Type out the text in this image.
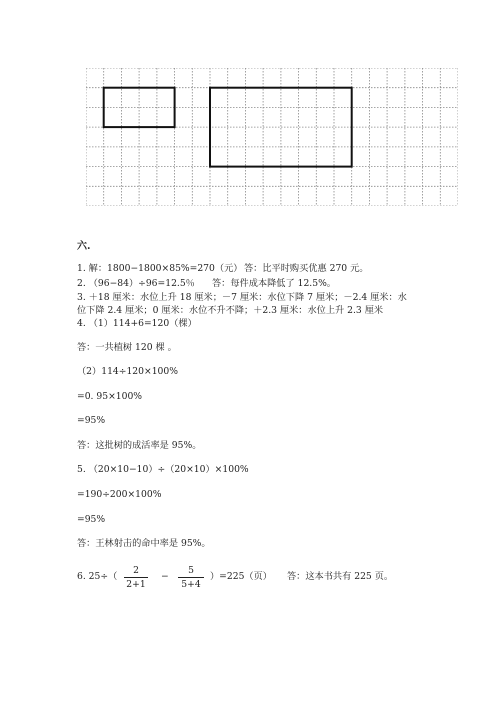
六.
1. 解：1800−1800×85%=270（元） 答：比平时购买优惠 270 元。
2. （96−84）÷96=12.5％ 答：每件成本降低了 12.5%。
3. ＋18 厘米：水位上升 18 厘米；－7 厘米：水位下降 7 厘米；－2.4 厘米：水
位下降 2.4 厘米；0 厘米：水位不升不降；＋2.3 厘米：水位上升 2.3 厘米
4. （1）114+6=120（棵）
答：一共植树 120 棵 。
（2）114÷120×100%
=0. 95×100%
=95%
答：这批树的成活率是 95%。
5. （20×10−10）÷（20×10）×100%
=190÷200×100%
=95%
答：王林射击的命中率是 95%。
6. 25÷（
2
2+1
−
5
5+4
）=225（页） 答：这本书共有 225 页。
